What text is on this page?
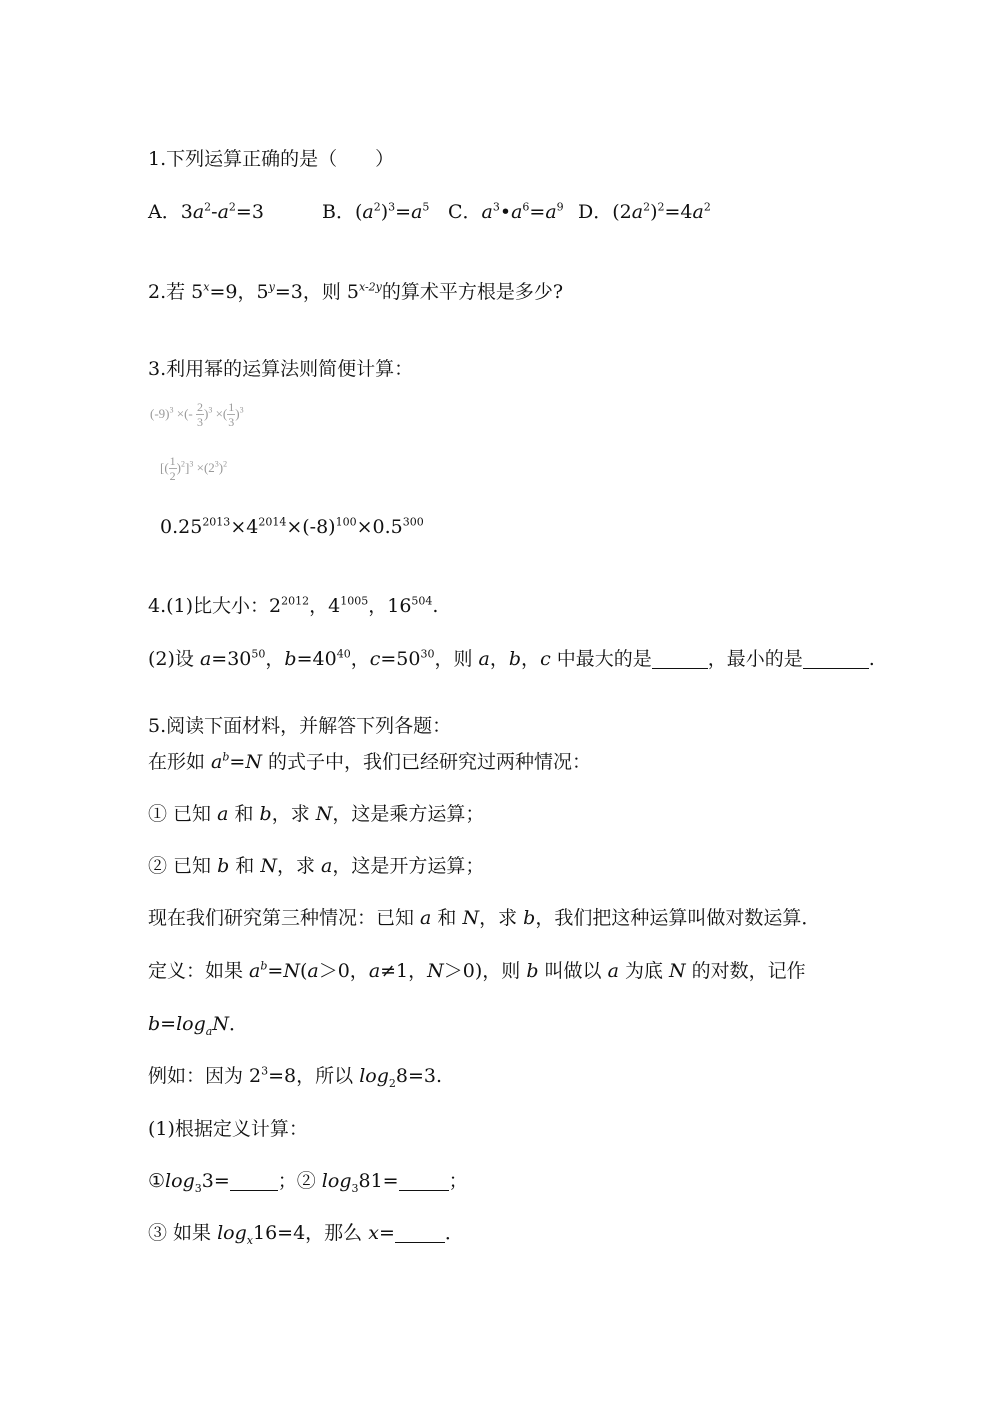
1.下列运算正确的是（　　）
A．$3a^2-a^2=3$	B．$(a^2)^3=a^5$ C．$a^3•a^6=a^9$ D．$(2a^2)^2=4a^2$
2.若 $5^x=9$，$5^y=3$，则 $5^{x-2y}$的算术平方根是多少?
3.利用幂的运算法则简便计算：
$(-9)^3$ ×(- $\frac{2}{3} )^3$ ×( $\frac{1}{3} )^3$
[( $\frac{1}{2} )^2]^3 \times(2^3)^2$
$0.25^{2013}\times 4^{2014}\times(-8)^{100}\times 0.5^{300}$
4.(1)比大小：$2^{2012}$，$4^{1005}$，$16^{504}$.
(2)设 $a=30^{50}$，$b=40^{40}$，$c=50^{30}$，则 a，b，c 中最大的是	，最小的是	.
5.阅读下面材料，并解答下列各题：
在形如 $a^b=N$ 的式子中，我们已经研究过两种情况：
① 已知 a 和 b，求 N，这是乘方运算；
② 已知 b 和 N，求 a，这是开方运算；
现在我们研究第三种情况：已知 a 和 N，求 b，我们把这种运算叫做对数运算．
定义：如果 $a^b=N(a>0$，a≠1，N＞0)，则 b 叫做以 a 为底 N 的对数，记作
$b=\log_aN$．
例如：因为 $2^3=8$，所以 $\log_28=3$.
(1)根据定义计算：
$①\log_33=$	；② $\log_381=$	；
③ 如果 $\log_x16=4$，那么 x=	．
